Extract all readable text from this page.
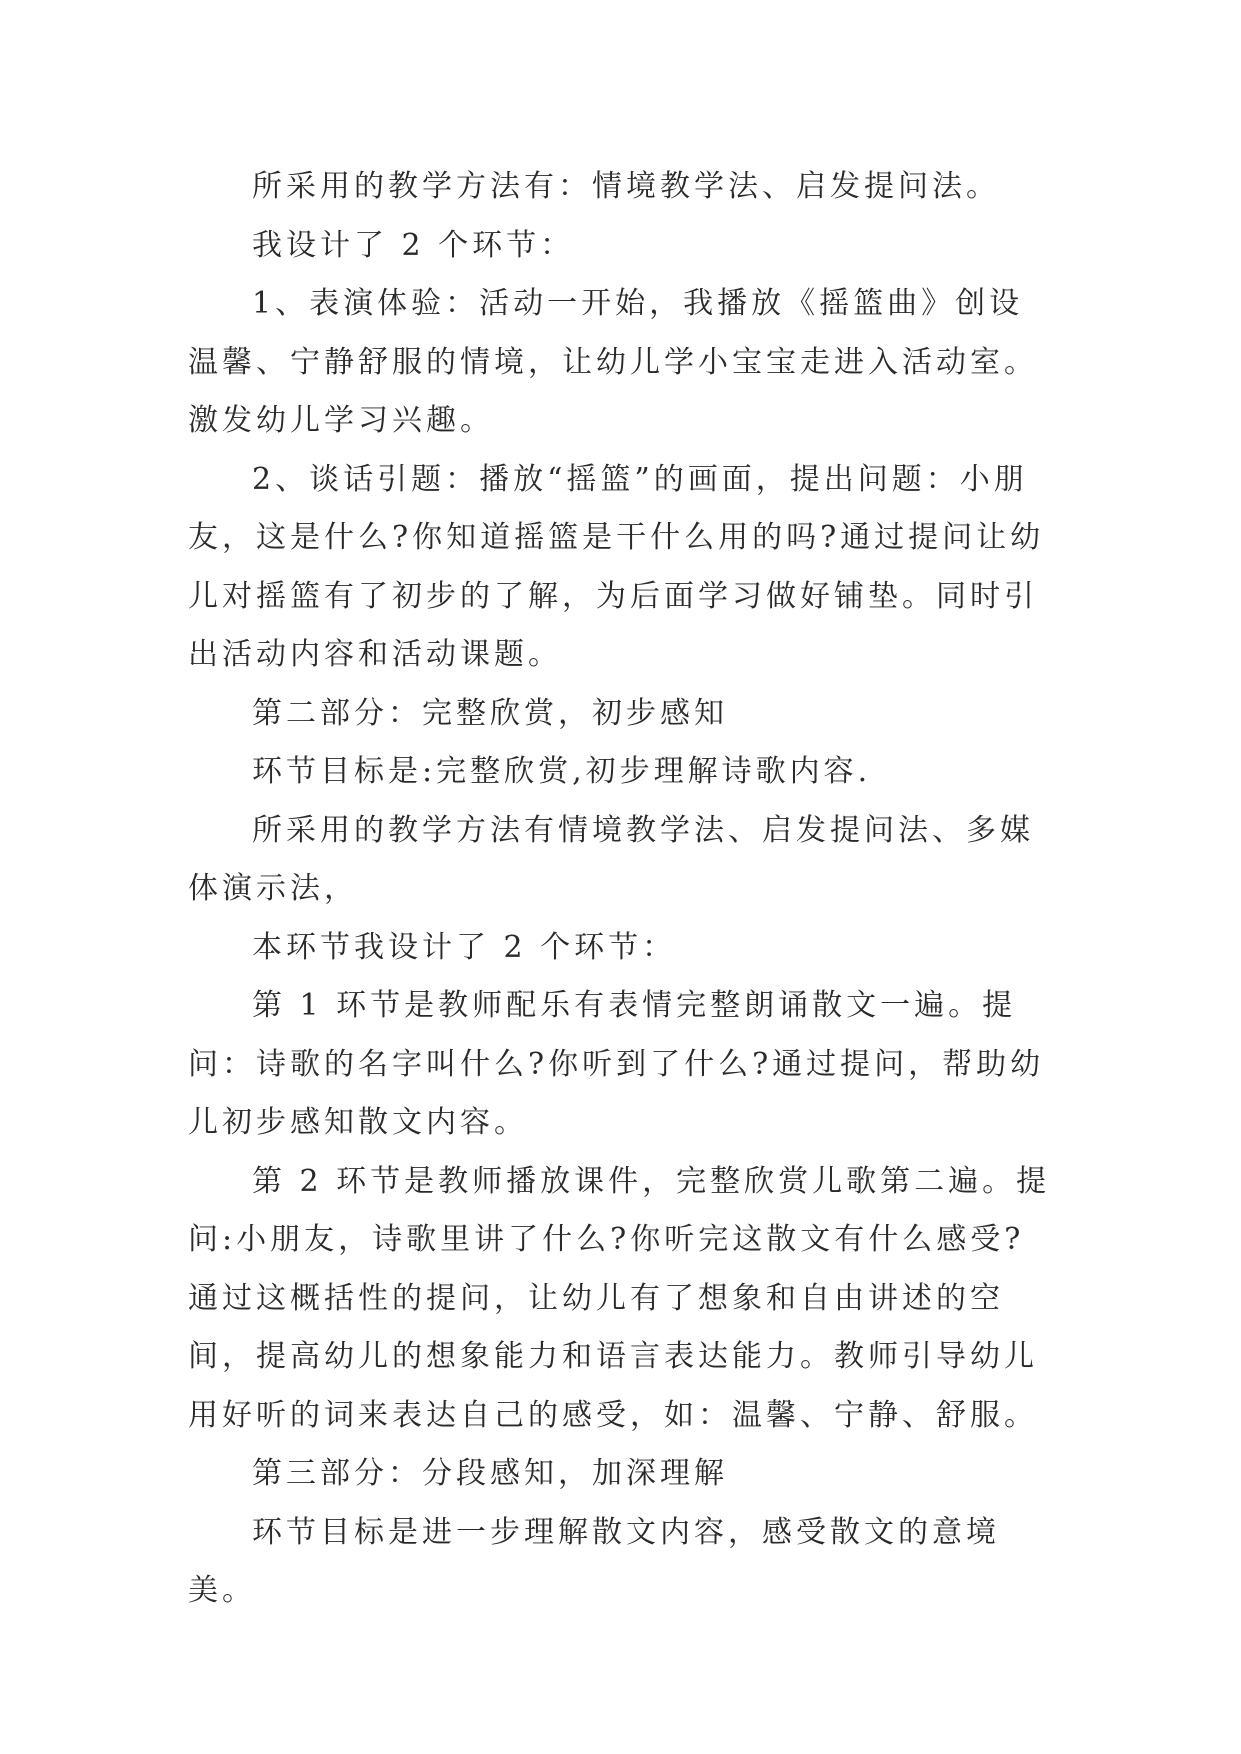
所采用的教学方法有：情境教学法、启发提问法。

我设计了 2 个环节：

1、表演体验：活动一开始，我播放《摇篮曲》创设温馨、宁静舒服的情境，让幼儿学小宝宝走进入活动室。激发幼儿学习兴趣。

2、谈话引题：播放“摇篮”的画面，提出问题：小朋友，这是什么?你知道摇篮是干什么用的吗?通过提问让幼儿对摇篮有了初步的了解，为后面学习做好铺垫。同时引出活动内容和活动课题。

第二部分：完整欣赏，初步感知

环节目标是:完整欣赏,初步理解诗歌内容.

所采用的教学方法有情境教学法、启发提问法、多媒体演示法，

本环节我设计了 2 个环节：

第 1 环节是教师配乐有表情完整朗诵散文一遍。提问：诗歌的名字叫什么?你听到了什么?通过提问，帮助幼儿初步感知散文内容。

第 2 环节是教师播放课件，完整欣赏儿歌第二遍。提问:小朋友，诗歌里讲了什么?你听完这散文有什么感受?通过这概括性的提问，让幼儿有了想象和自由讲述的空间，提高幼儿的想象能力和语言表达能力。教师引导幼儿用好听的词来表达自己的感受，如：温馨、宁静、舒服。

第三部分：分段感知，加深理解

环节目标是进一步理解散文内容，感受散文的意境美。
